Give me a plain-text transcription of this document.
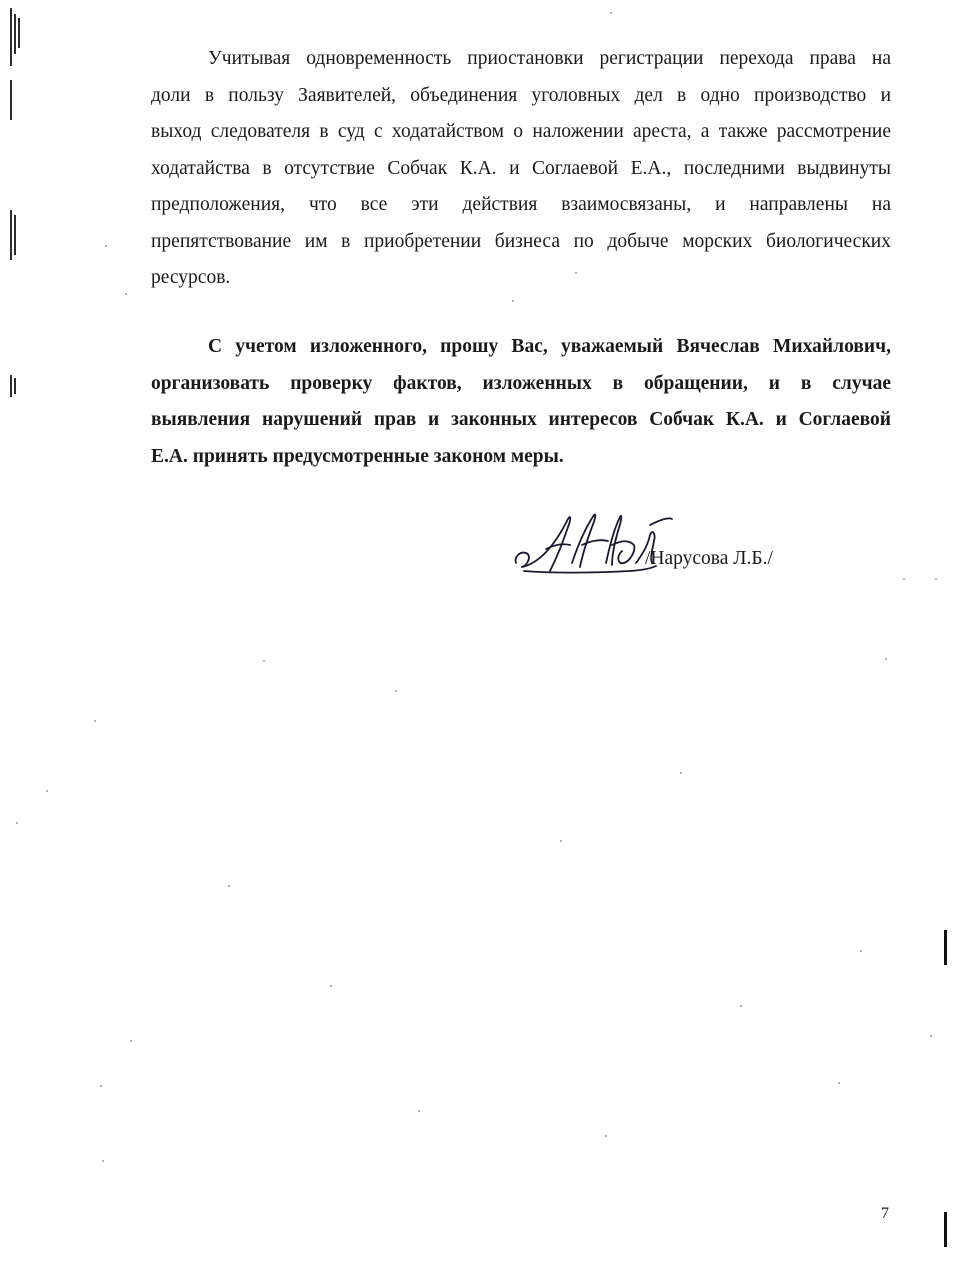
Учитывая одновременность приостановки регистрации перехода права на
доли в пользу Заявителей, объединения уголовных дел в одно производство и
выход следователя в суд с ходатайством о наложении ареста, а также рассмотрение
ходатайства в отсутствие Собчак К.А. и Соглаевой Е.А., последними выдвинуты
предположения, что все эти действия взаимосвязаны, и направлены на
препятствование им в приобретении бизнеса по добыче морских биологических
ресурсов.
С учетом изложенного, прошу Вас, уважаемый Вячеслав Михайлович,
организовать проверку фактов, изложенных в обращении, и в случае
выявления нарушений прав и законных интересов Собчак К.А. и Соглаевой
Е.А. принять предусмотренные законом меры.
/Нарусова Л.Б./
7
